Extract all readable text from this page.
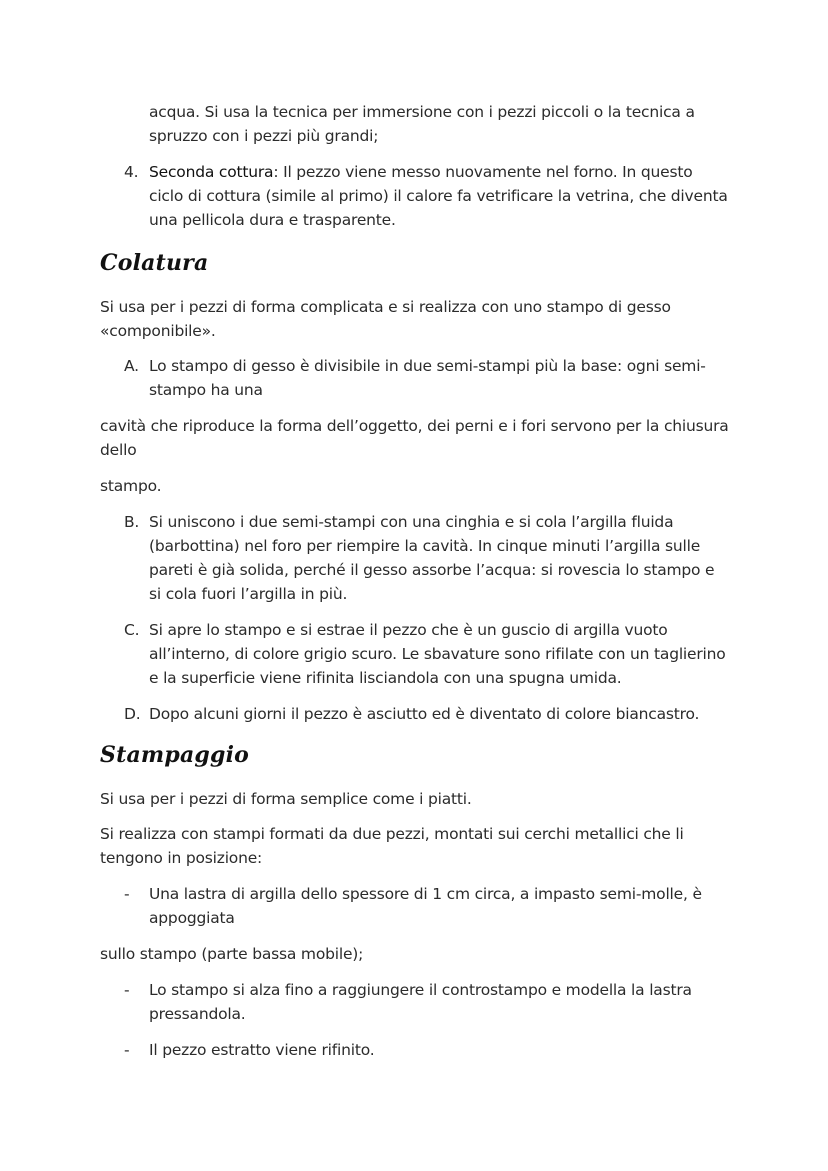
acqua. Si usa la tecnica per immersione con i pezzi piccoli o la tecnica a spruzzo con i pezzi più grandi;

4. Seconda cottura: Il pezzo viene messo nuovamente nel forno. In questo ciclo di cottura (simile al primo) il calore fa vetrificare la vetrina, che diventa una pellicola dura e trasparente.

Colatura

Si usa per i pezzi di forma complicata e si realizza con uno stampo di gesso «componibile».

A. Lo stampo di gesso è divisibile in due semi-stampi più la base: ogni semi-stampo ha una

cavità che riproduce la forma dell’oggetto, dei perni e i fori servono per la chiusura dello

stampo.

B. Si uniscono i due semi-stampi con una cinghia e si cola l’argilla fluida (barbottina) nel foro per riempire la cavità. In cinque minuti l’argilla sulle pareti è già solida, perché il gesso assorbe l’acqua: si rovescia lo stampo e si cola fuori l’argilla in più.

C. Si apre lo stampo e si estrae il pezzo che è un guscio di argilla vuoto all’interno, di colore grigio scuro. Le sbavature sono rifilate con un taglierino e la superficie viene rifinita lisciandola con una spugna umida.

D. Dopo alcuni giorni il pezzo è asciutto ed è diventato di colore biancastro.

Stampaggio

Si usa per i pezzi di forma semplice come i piatti.

Si realizza con stampi formati da due pezzi, montati sui cerchi metallici che li tengono in posizione:

- Una lastra di argilla dello spessore di 1 cm circa, a impasto semi-molle, è appoggiata

sullo stampo (parte bassa mobile);

- Lo stampo si alza fino a raggiungere il controstampo e modella la lastra pressandola.

- Il pezzo estratto viene rifinito.
